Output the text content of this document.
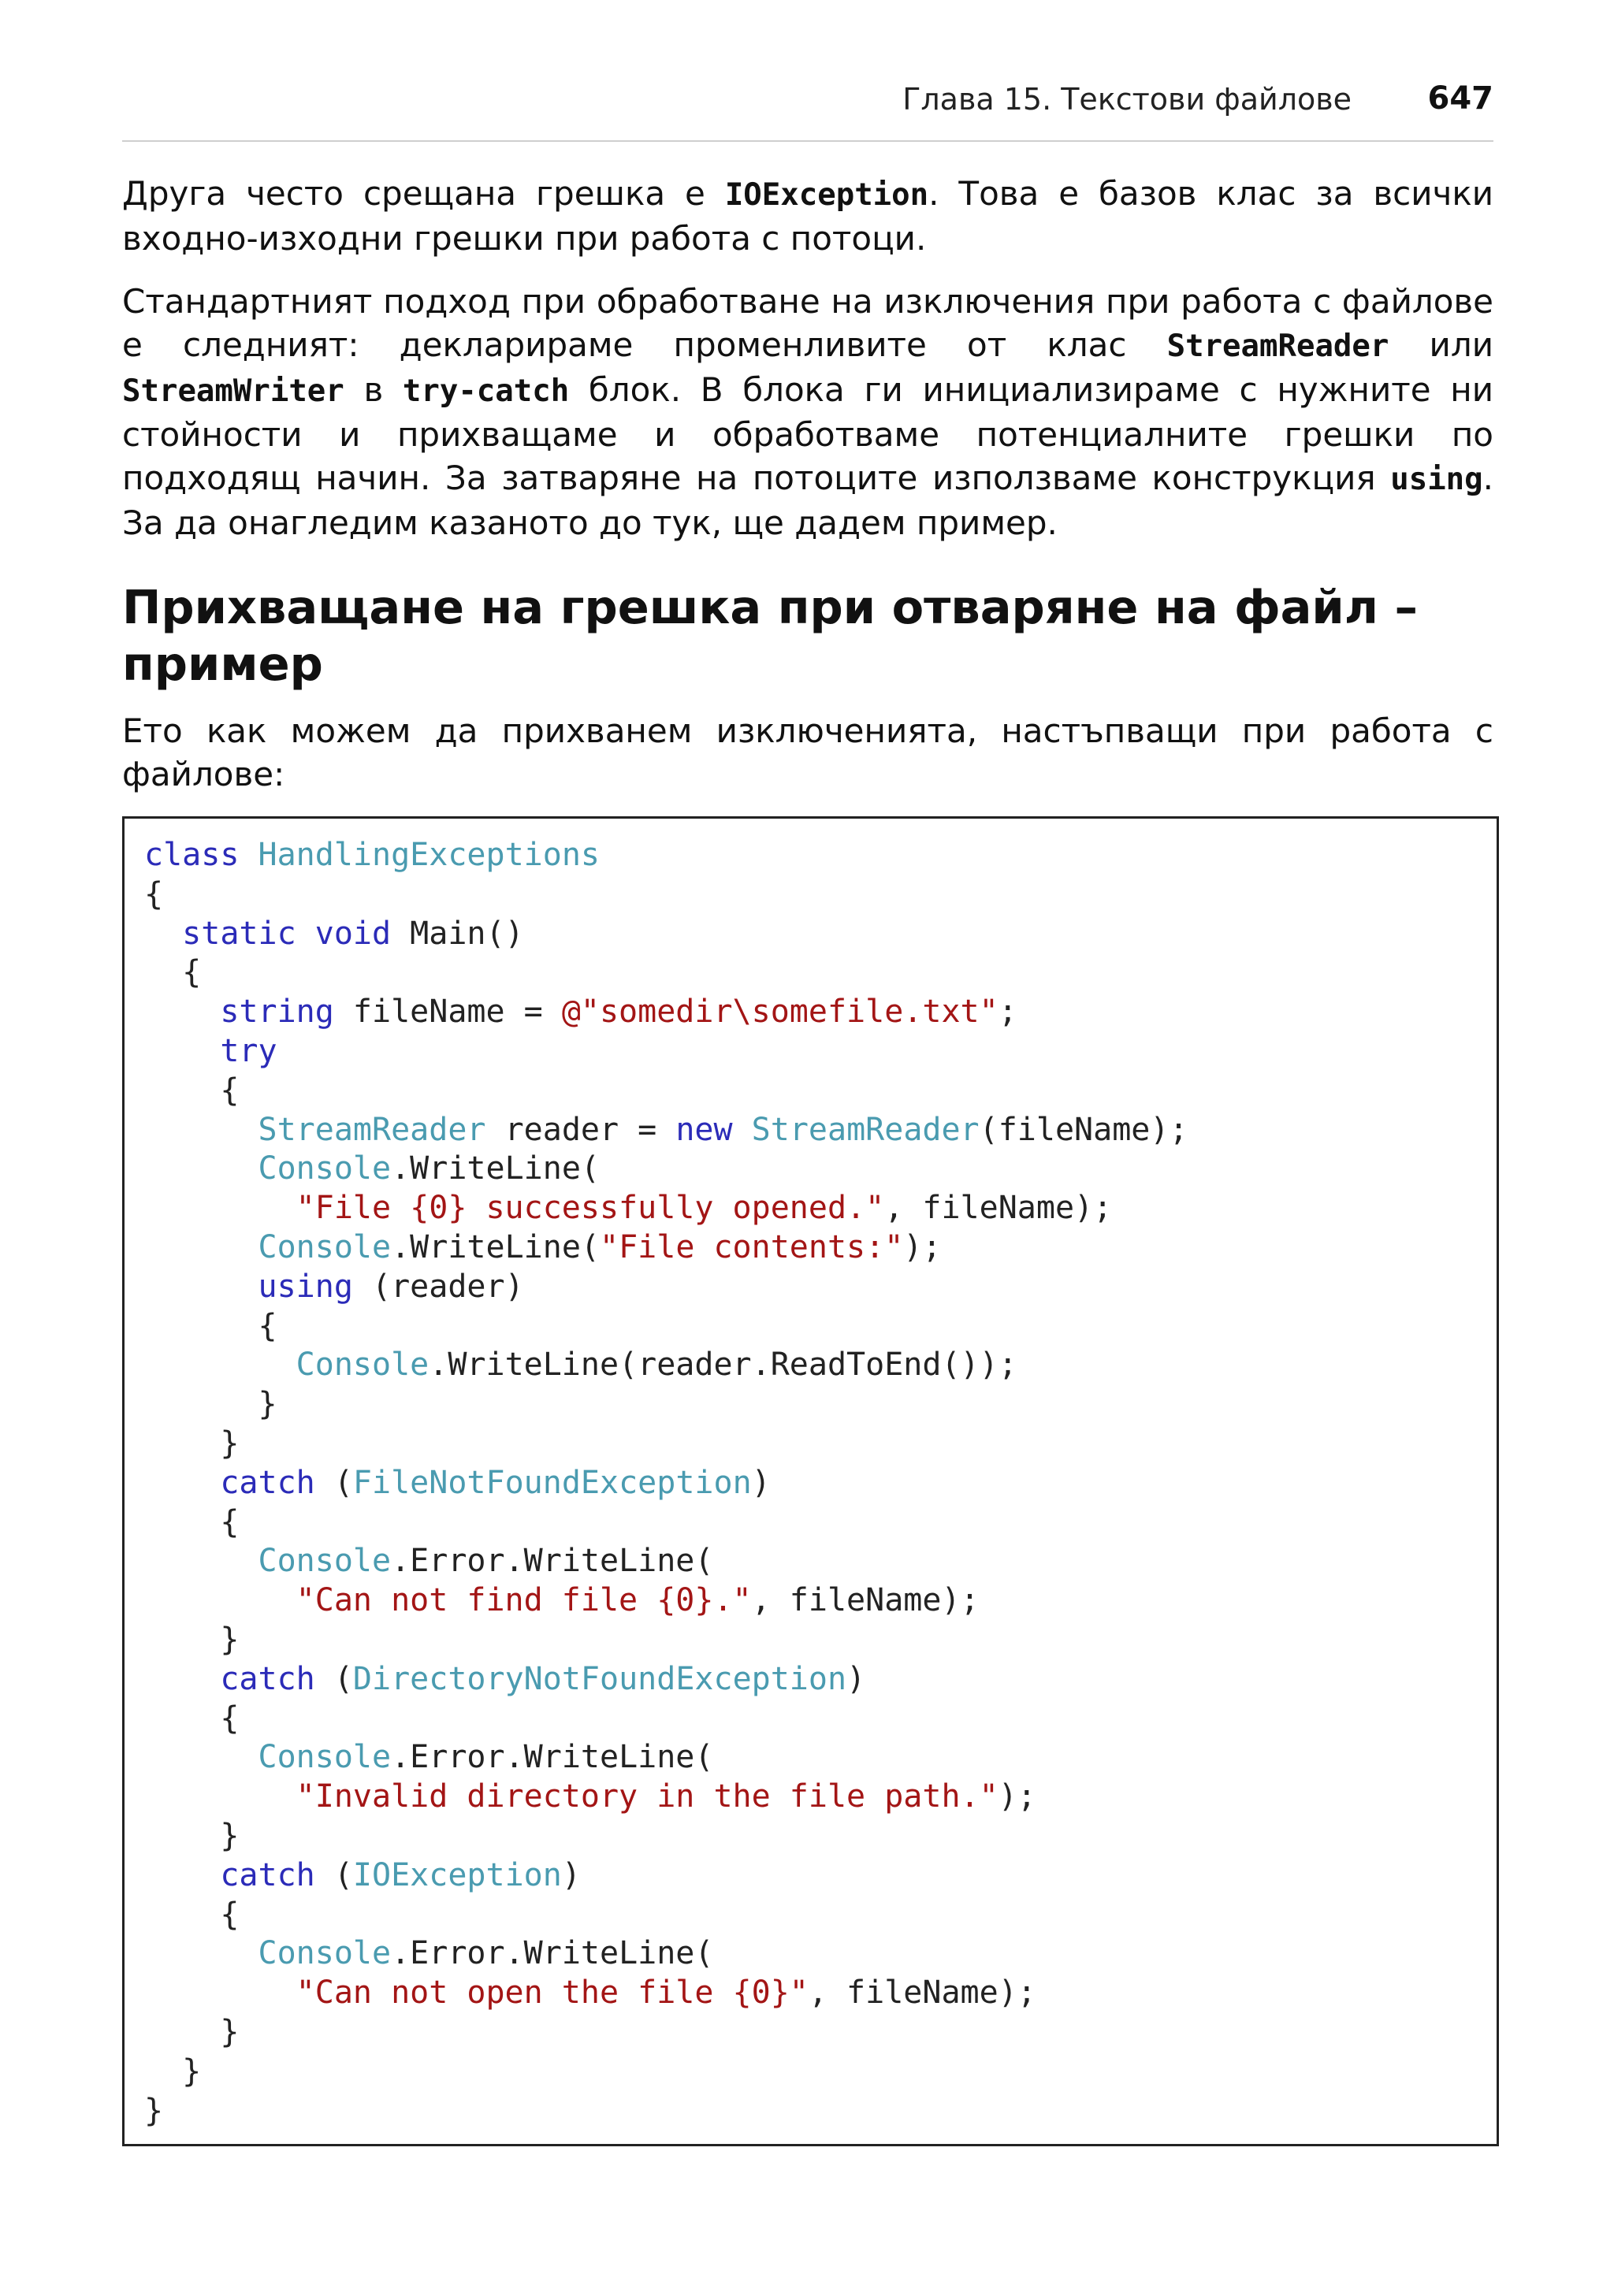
Глава 15. Текстови файлове 647

Друга често срещана грешка е IOException. Това е базов клас за всички входно-изходни грешки при работа с потоци.

Стандартният подход при обработване на изключения при работа с файлове е следният: декларираме променливите от клас StreamReader или StreamWriter в try-catch блок. В блока ги инициализираме с нужните ни стойности и прихващаме и обработваме потенциалните грешки по подходящ начин. За затваряне на потоците използваме конструкция using. За да онагледим казаното до тук, ще дадем пример.

Прихващане на грешка при отваряне на файл – пример

Ето как можем да прихванем изключенията, настъпващи при работа с файлове:

class HandlingExceptions
{
static void Main()
{
string fileName = @"somedir\somefile.txt";
try
{
StreamReader reader = new StreamReader(fileName);
Console.WriteLine(
"File {0} successfully opened.", fileName);
Console.WriteLine("File contents:");
using (reader)
{
Console.WriteLine(reader.ReadToEnd());
}
}
catch (FileNotFoundException)
{
Console.Error.WriteLine(
"Can not find file {0}.", fileName);
}
catch (DirectoryNotFoundException)
{
Console.Error.WriteLine(
"Invalid directory in the file path.");
}
catch (IOException)
{
Console.Error.WriteLine(
"Can not open the file {0}", fileName);
}
}
}
